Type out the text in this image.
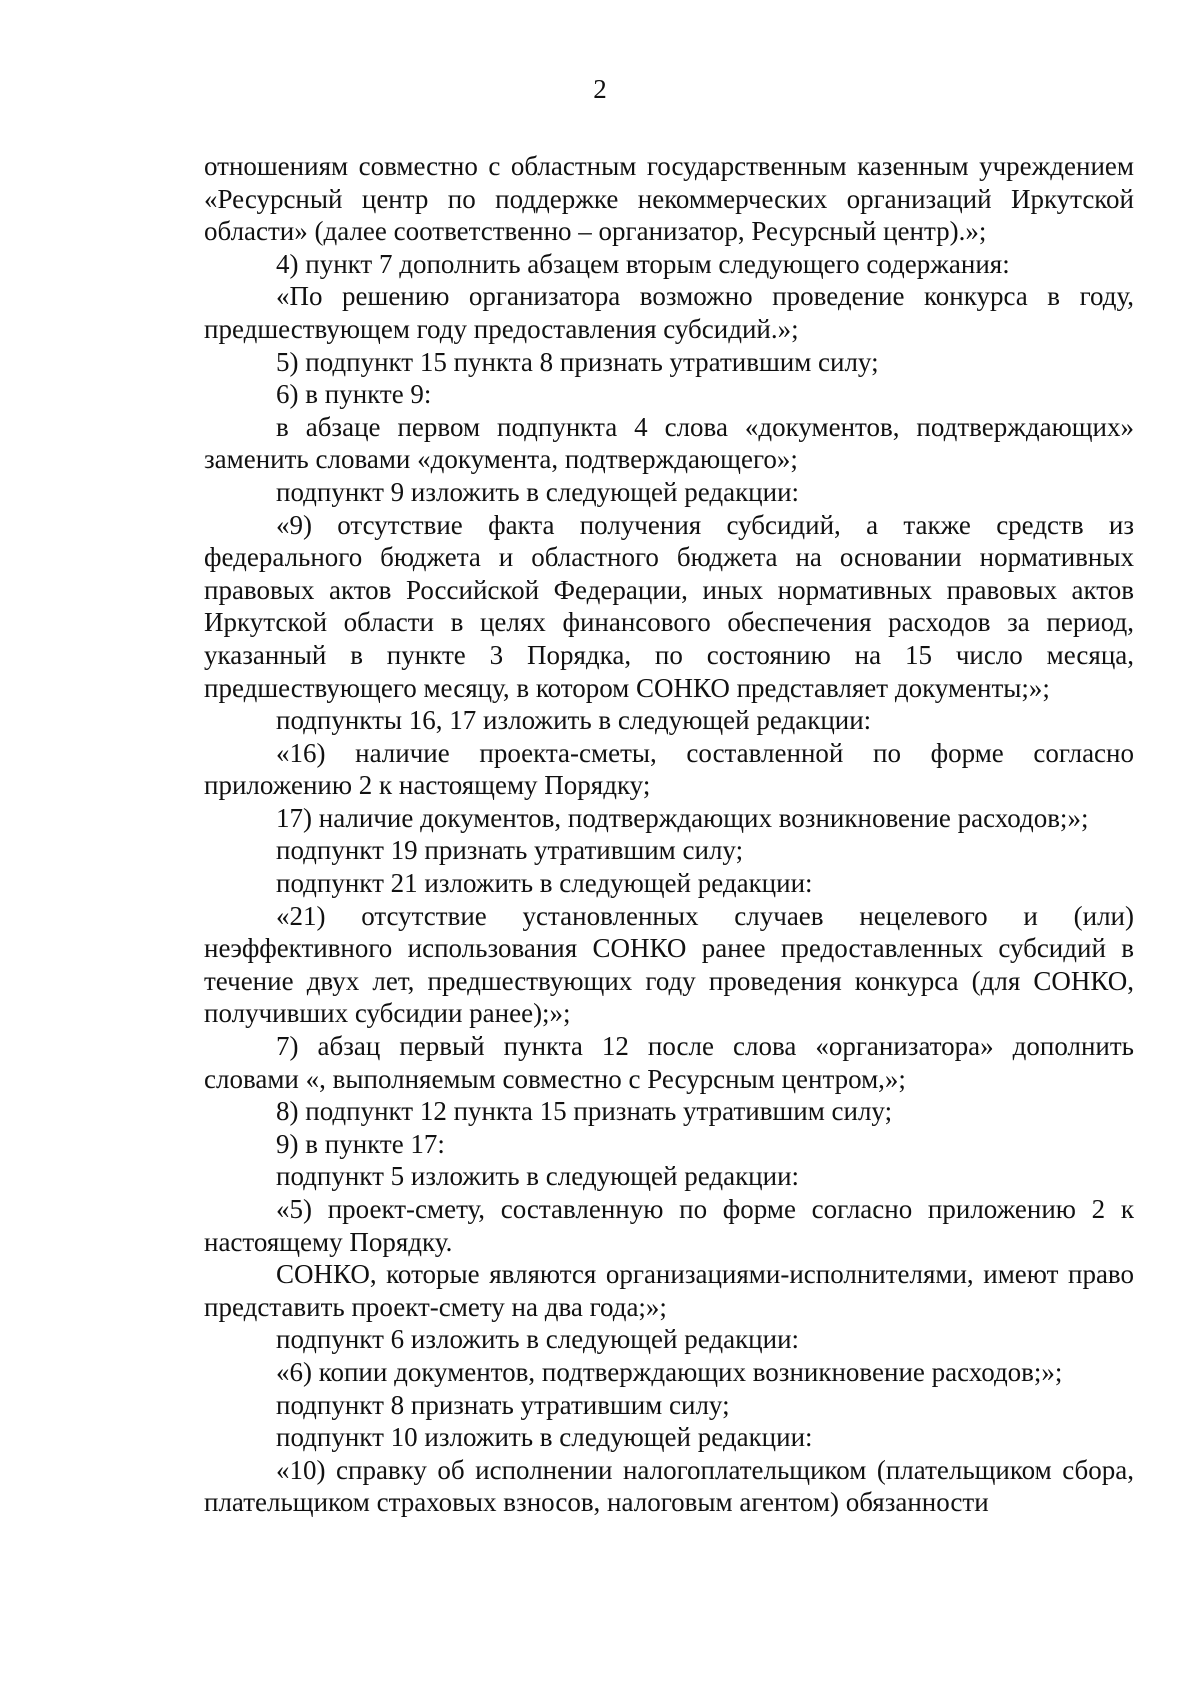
2

отношениям совместно с областным государственным казенным учреждением «Ресурсный центр по поддержке некоммерческих организаций Иркутской области» (далее соответственно – организатор, Ресурсный центр).»;

4) пункт 7 дополнить абзацем вторым следующего содержания:

«По решению организатора возможно проведение конкурса в году, предшествующем году предоставления субсидий.»;

5) подпункт 15 пункта 8 признать утратившим силу;

6) в пункте 9:

в абзаце первом подпункта 4 слова «документов, подтверждающих» заменить словами «документа, подтверждающего»;

подпункт 9 изложить в следующей редакции:

«9) отсутствие факта получения субсидий, а также средств из федерального бюджета и областного бюджета на основании нормативных правовых актов Российской Федерации, иных нормативных правовых актов Иркутской области в целях финансового обеспечения расходов за период, указанный в пункте 3 Порядка, по состоянию на 15 число месяца, предшествующего месяцу, в котором СОНКО представляет документы;»;

подпункты 16, 17 изложить в следующей редакции:

«16) наличие проекта-сметы, составленной по форме согласно приложению 2 к настоящему Порядку;

17) наличие документов, подтверждающих возникновение расходов;»;

подпункт 19 признать утратившим силу;

подпункт 21 изложить в следующей редакции:

«21) отсутствие установленных случаев нецелевого и (или) неэффективного использования СОНКО ранее предоставленных субсидий в течение двух лет, предшествующих году проведения конкурса (для СОНКО, получивших субсидии ранее);»;

7) абзац первый пункта 12 после слова «организатора» дополнить словами «, выполняемым совместно с Ресурсным центром,»;

8) подпункт 12 пункта 15 признать утратившим силу;

9) в пункте 17:

подпункт 5 изложить в следующей редакции:

«5) проект-смету, составленную по форме согласно приложению 2 к настоящему Порядку.

СОНКО, которые являются организациями-исполнителями, имеют право представить проект-смету на два года;»;

подпункт 6 изложить в следующей редакции:

«6) копии документов, подтверждающих возникновение расходов;»;

подпункт 8 признать утратившим силу;

подпункт 10 изложить в следующей редакции:

«10) справку об исполнении налогоплательщиком (плательщиком сбора, плательщиком страховых взносов, налоговым агентом) обязанности
